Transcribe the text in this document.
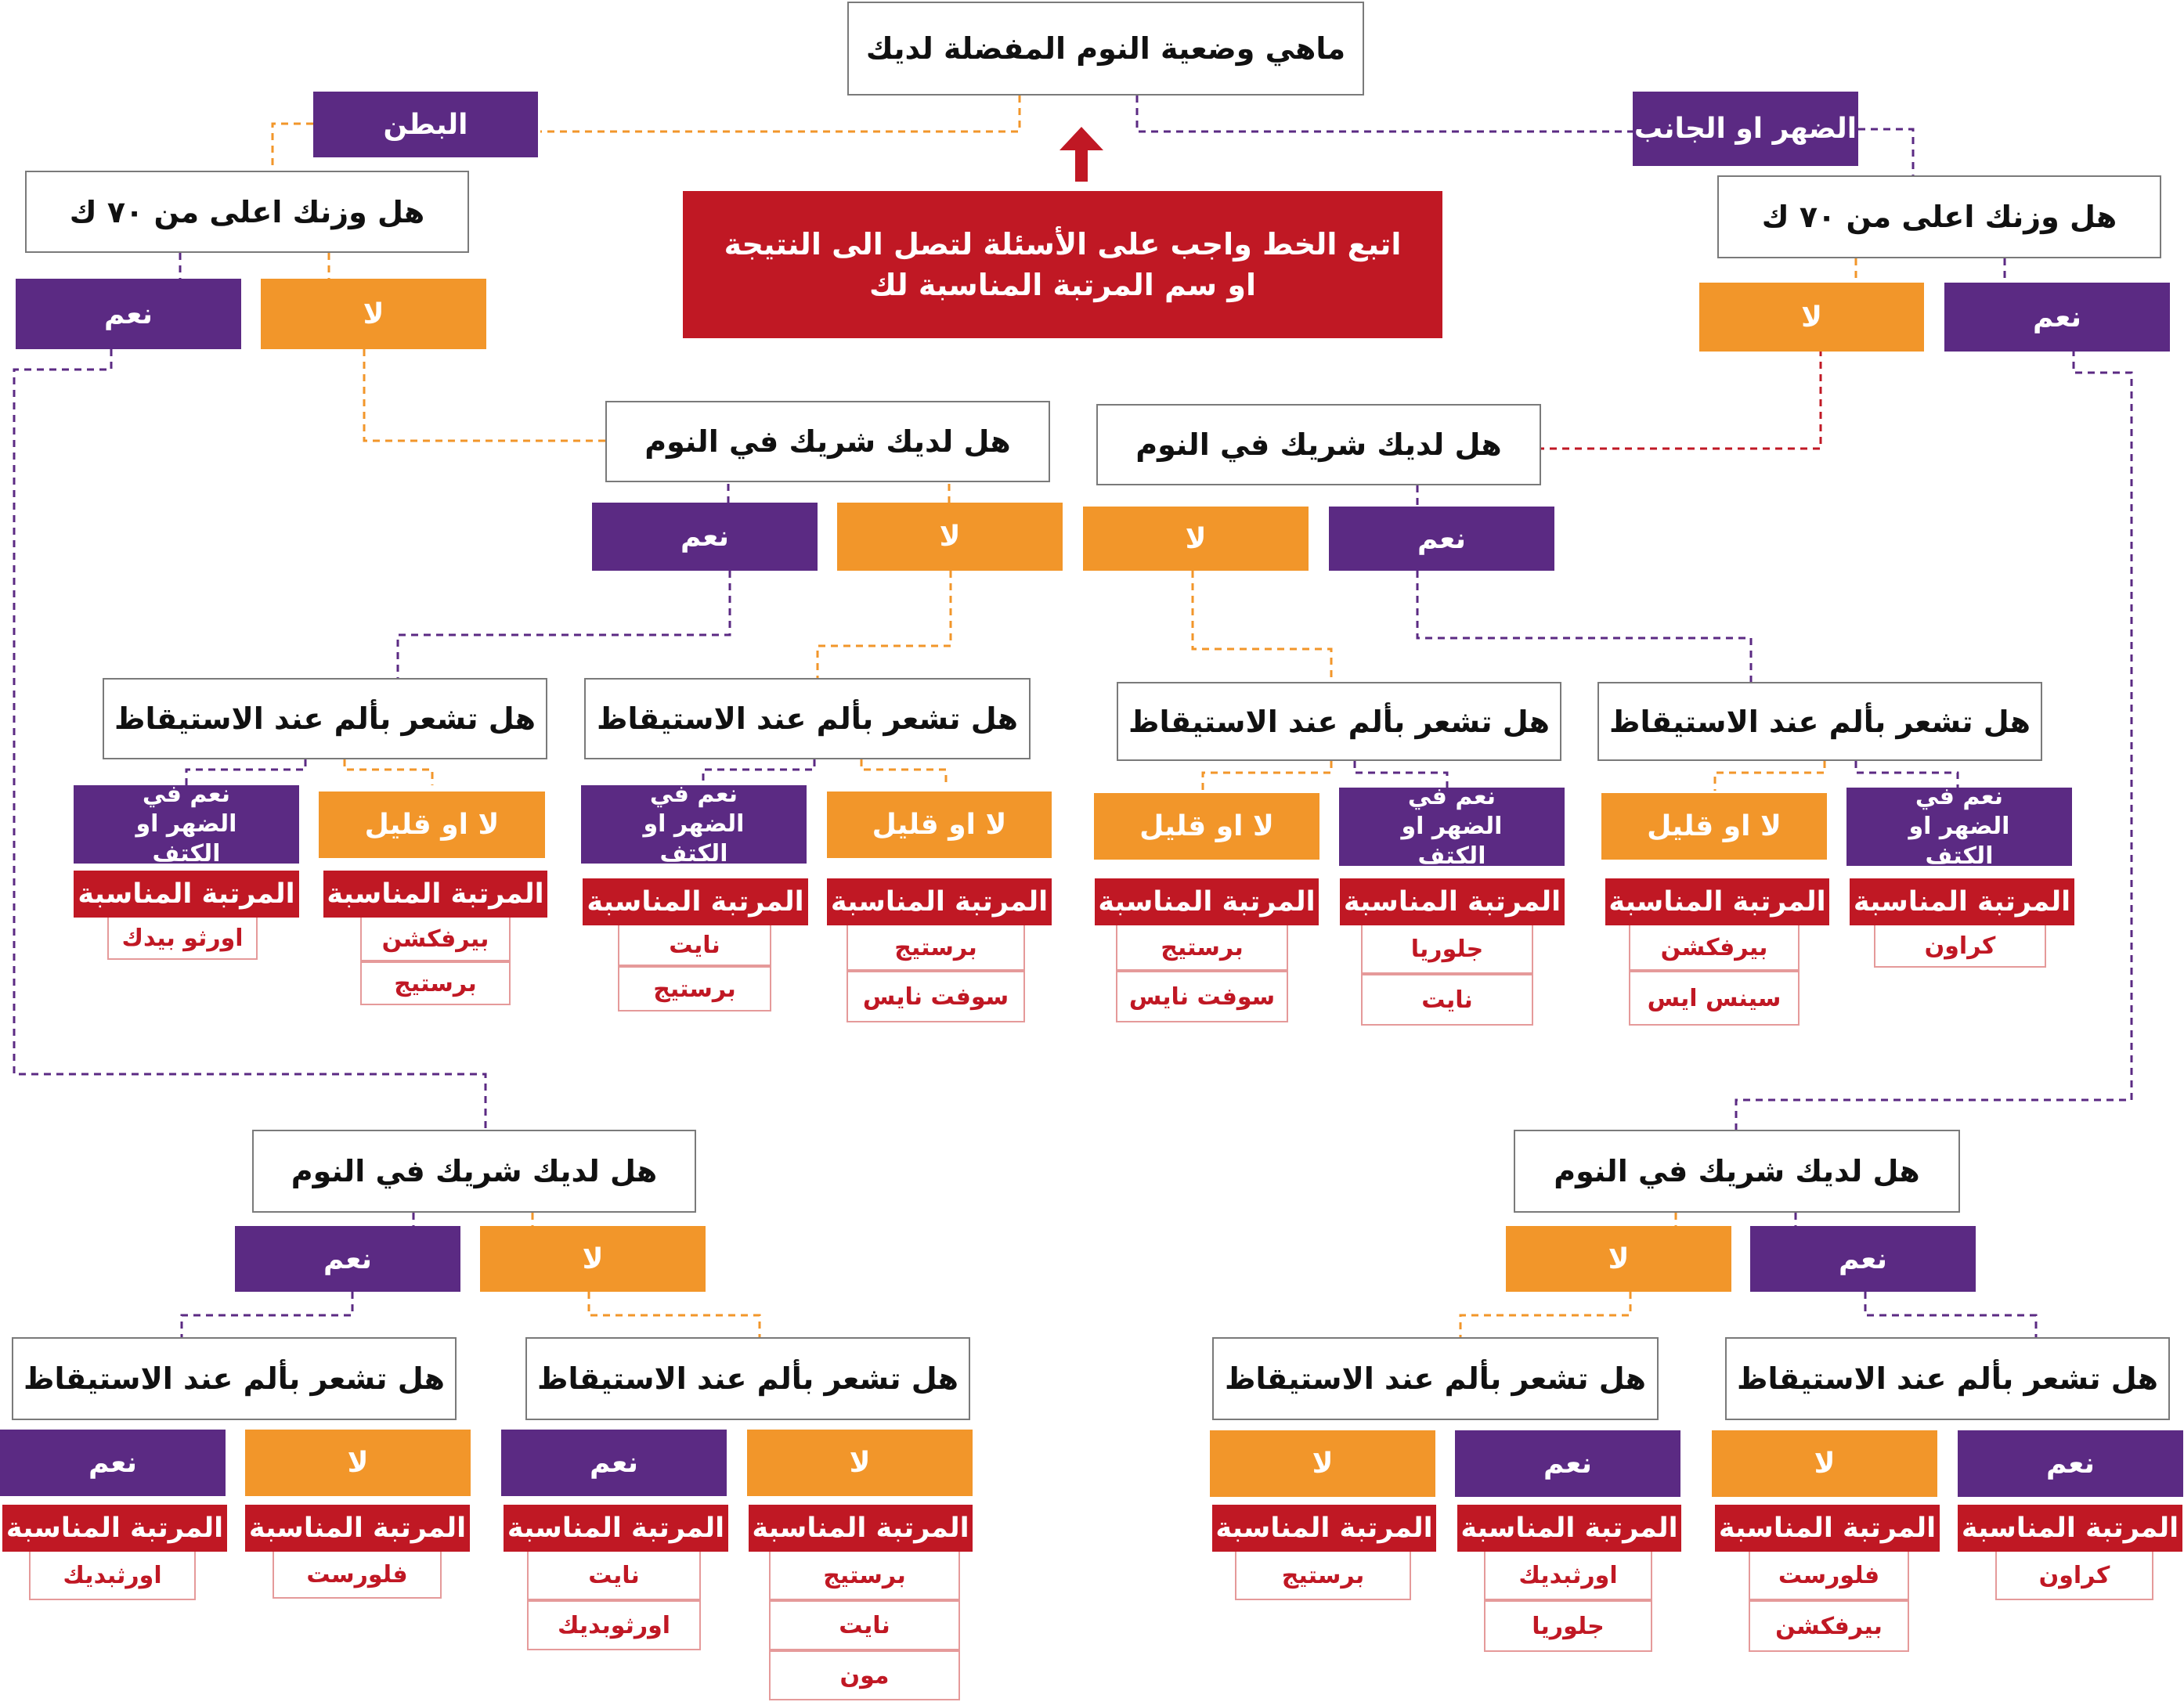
ماهي وضعية النوم المفضلة لديك
اتبع الخط واجب على الأسئلة لتصل الى النتيجة
او سم المرتبة المناسبة لك
البطن	الضهر او الجانب
هل وزنك اعلى من ٧٠ ك	هل وزنك اعلى من ٧٠ ك
نعم	لا	لا	نعم
هل لديك شريك في النوم	هل لديك شريك في النوم
نعم	لا	لا	نعم
هل تشعر بألم عند الاستيقاظ	هل تشعر بألم عند الاستيقاظ	هل تشعر بألم عند الاستيقاظ	هل تشعر بألم عند الاستيقاظ
نعم في الضهر او الكتف
لا او قليل
المرتبة المناسبة المرتبة المناسبة
اورثو بيدك	بيرفكشن
برستيج
نعم في الضهر او الكتف
لا او قليل
المرتبة المناسبة المرتبة المناسبة
نايت
برستيج
برستيج
سوفت نايس
لا او قليل
نعم في الضهر او الكتف
المرتبة المناسبة المرتبة المناسبة
برستيج
سوفت نايس
جلوريا
نايت
لا او قليل
نعم في الضهر او الكتف
المرتبة المناسبة المرتبة المناسبة
بيرفكشن
سينس ايس
كراون
هل لديك شريك في النوم	هل لديك شريك في النوم
نعم	لا	لا	نعم
هل تشعر بألم عند الاستيقاظ	هل تشعر بألم عند الاستيقاظ	هل تشعر بألم عند الاستيقاظ	هل تشعر بألم عند الاستيقاظ
نعم	لا
المرتبة المناسبة المرتبة المناسبة
اورثبديك	فلورست
نعم	لا
المرتبة المناسبة المرتبة المناسبة
نايت
اورثوبديك
برستيج
نايت
مون
لا	نعم
المرتبة المناسبة المرتبة المناسبة
برستيج	اورثبديك
جلوريا
لا	نعم
المرتبة المناسبة المرتبة المناسبة
فلورست
بيرفكشن
كراون
